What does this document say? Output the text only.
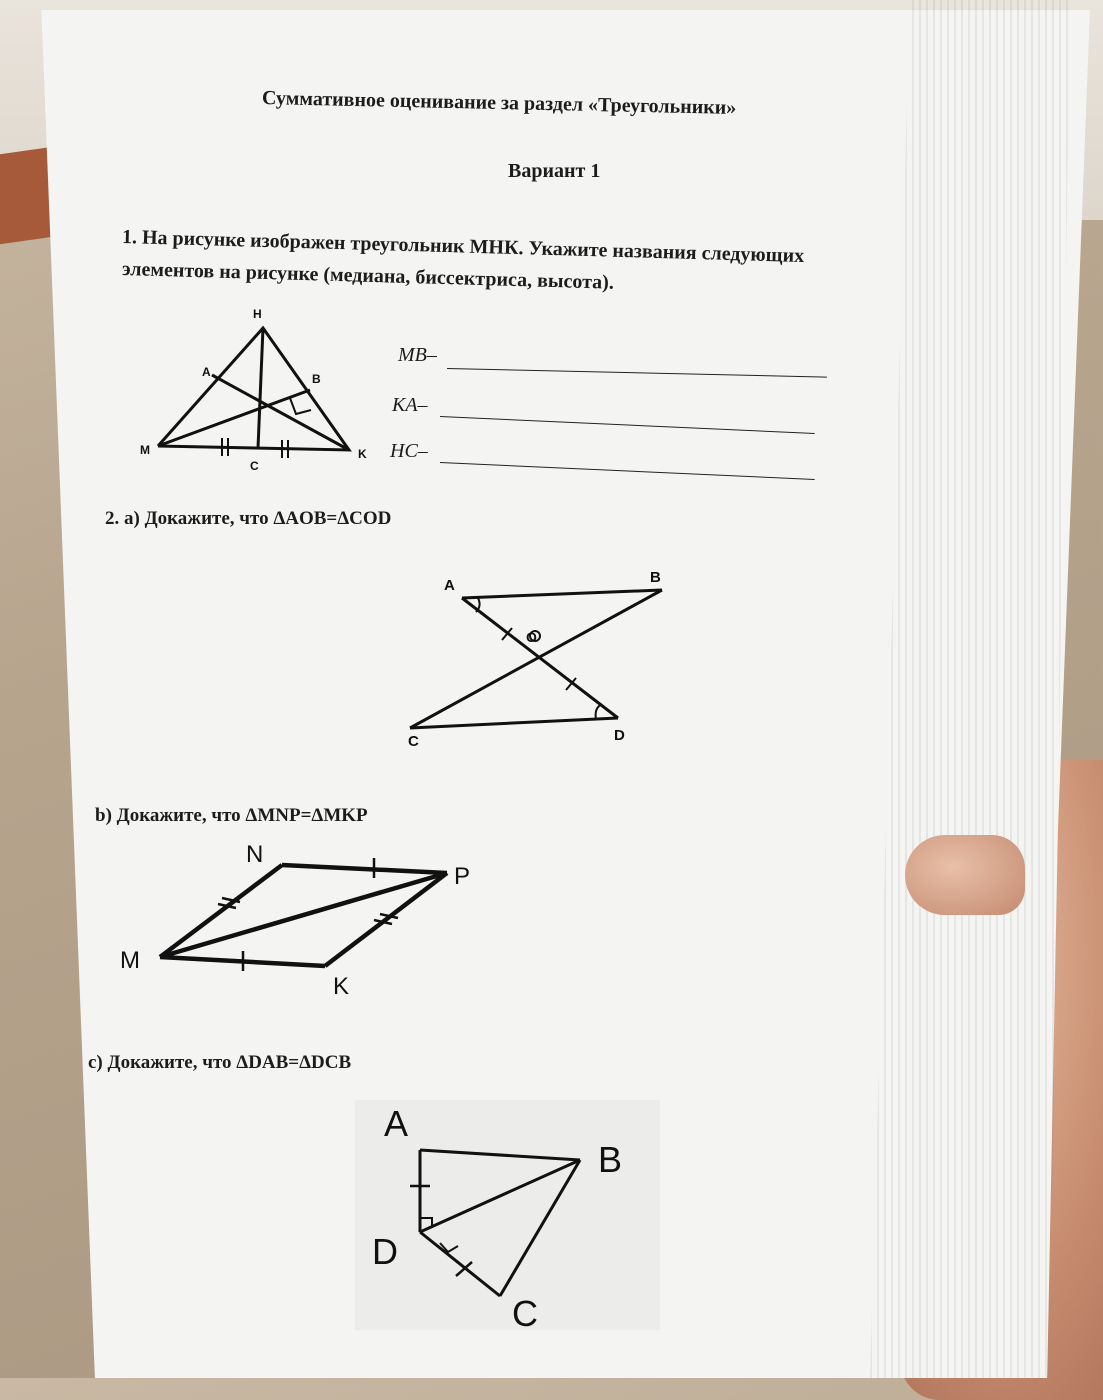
Суммативное оценивание за раздел «Треугольники»
Вариант 1
1. На рисунке изображен треугольник МНК. Укажите названия следующих
элементов на рисунке (медиана, биссектриса, высота).
MB–
KA–
HC–
2. а) Докажите, что ΔAOB=ΔCOD
b) Докажите, что ΔMNP=ΔMKP
с) Докажите, что ΔDAB=ΔDCB
H
A	B
M
C
K
A	B
O
C	D
N
P
M
K
A
B
D
C
